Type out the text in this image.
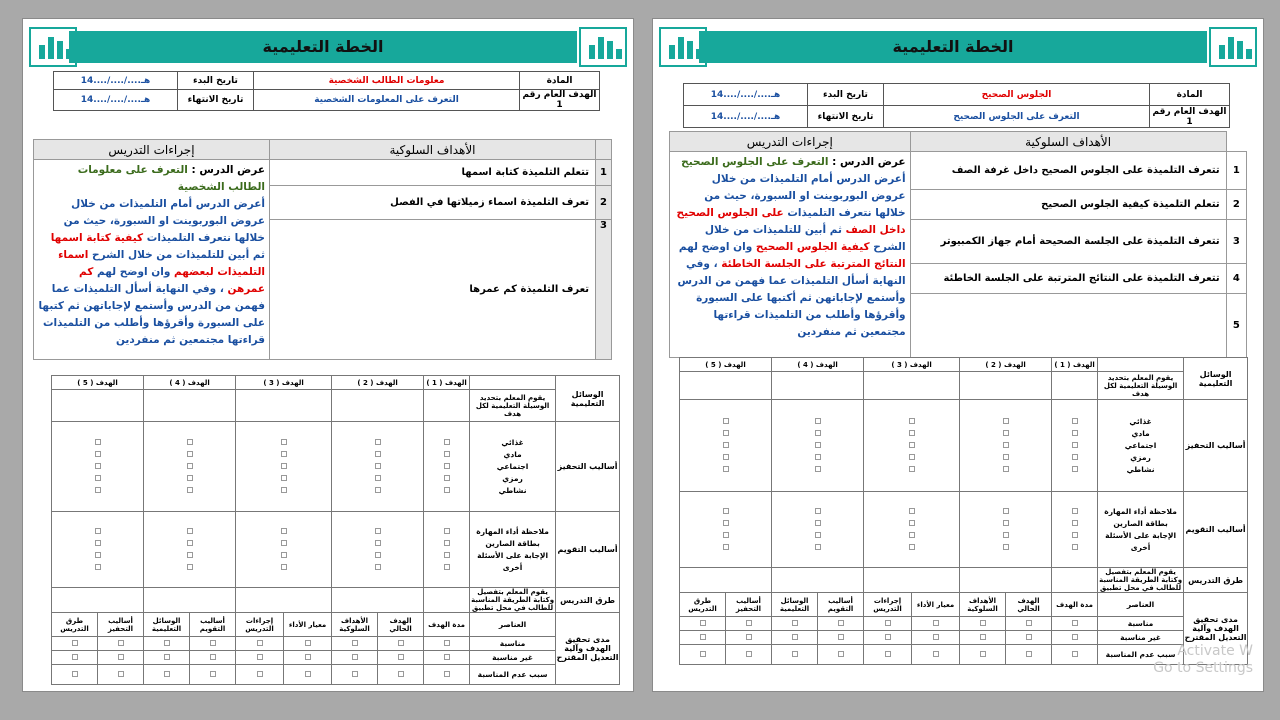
الخطة التعليمية
14..../..../....هـ	تاريخ البدء	معلومات الطالب الشخصية	المادة
14..../..../....هـ	تاريخ الانتهاء	التعرف على المعلومات الشخصية	الهدف العام رقم 1
إجراءات التدريس	الأهداف السلوكية	
عرض الدرس : التعرف على معلومات الطالب الشخصية
أعرض الدرس أمام التلميذات من خلال عروض البوربوينت او السبورة، حيث من خلالها نتعرف التلميذات كيفية كتابة اسمها ثم أبين للتلميذات من خلال الشرح اسماء التلميذات لبعضهم وان اوضح لهم كم عمرهن ، وفي النهاية أسأل التلميذات عما فهمن من الدرس وأستمع لإجاباتهن ثم كتبها على السبورة وأقرؤها وأطلب من التلميذات قراءتها مجتمعين ثم منفردين	تتعلم التلميذة كتابة اسمها	1
	تعرف التلميذة اسماء زميلاتها في الفصل	2
	تعرف التلميذة كم عمرها	3
( 5 ) الهدف		( 4 ) الهدف		( 3 ) الهدف		( 2 ) الهدف		( 1 ) الهدف		الوسائل التعليمية
									يقوم المعلم بتحديد الوسيلة التعليمية لكل هدف	

									غذائي
مادي
اجتماعي
رمزي
نشاطي	أساليب التحفيز

									ملاحظة أداء المهارة
بطاقة الصارين
الإجابة على الأسئلة
أخرى	أساليب التقويم
									يقوم المعلم بتفصيل وكتابة الطريقة المناسبة للطالب في محل تطبيق	طرق التدريس
طرق التدريس	أساليب التحفيز	الوسائل التعليمية	أساليب التقويم	إجراءات التدريس	معيار الأداء	الأهداف السلوكية	الهدف الحالي	مدة الهدف	العناصر	مدى تحقيق الهدف وآلية التعديل المقترح
									مناسبة	
									غير مناسبة	
									سبب عدم المناسبة	
الخطة التعليمية
14..../..../....هـ	تاريخ البدء	الجلوس الصحيح	المادة
14..../..../....هـ	تاريخ الانتهاء	التعرف على الجلوس الصحيح	الهدف العام رقم 1
إجراءات التدريس	الأهداف السلوكية	
عرض الدرس : التعرف على الجلوس الصحيح
أعرض الدرس أمام التلميذات من خلال عروض البوربوينت او السبورة، حيث من خلالها نتعرف التلميذات على الجلوس الصحيح داخل الصف ثم أبين للتلميذات من خلال الشرح كيفية الجلوس الصحيح وان اوضح لهم النتائج المترتبة على الجلسة الخاطئة ، وفي النهاية أسأل التلميذات عما فهمن من الدرس وأستمع لإجاباتهن ثم أكتبها على السبورة وأقرؤها وأطلب من التلميذات قراءتها مجتمعين ثم منفردين	تتعرف التلميذة على الجلوس الصحيح داخل غرفة الصف	1
	تتعلم التلميذة كيفية الجلوس الصحيح	2
	تتعرف التلميذة على الجلسة الصحيحة أمام جهاز الكمبيوتر	3
	تتعرف التلميذة على النتائج المترتبة على الجلسة الخاطئة	4
		5
( 5 ) الهدف		( 4 ) الهدف		( 3 ) الهدف		( 2 ) الهدف		( 1 ) الهدف		الوسائل التعليمية
									يقوم المعلم بتحديد الوسيلة التعليمية لكل هدف	

									غذائي
مادي
اجتماعي
رمزي
نشاطي	أساليب التحفيز

									ملاحظة أداء المهارة
بطاقة الصارين
الإجابة على الأسئلة
أخرى	أساليب التقويم
									يقوم المعلم بتفصيل وكتابة الطريقة المناسبة للطالب في محل تطبيق	طرق التدريس
طرق التدريس	أساليب التحفيز	الوسائل التعليمية	أساليب التقويم	إجراءات التدريس	معيار الأداء	الأهداف السلوكية	الهدف الحالي	مدة الهدف	العناصر	مدى تحقيق الهدف وآلية التعديل المقترح
									مناسبة	
									غير مناسبة	
									سبب عدم المناسبة	Activate W
Go to Settings
